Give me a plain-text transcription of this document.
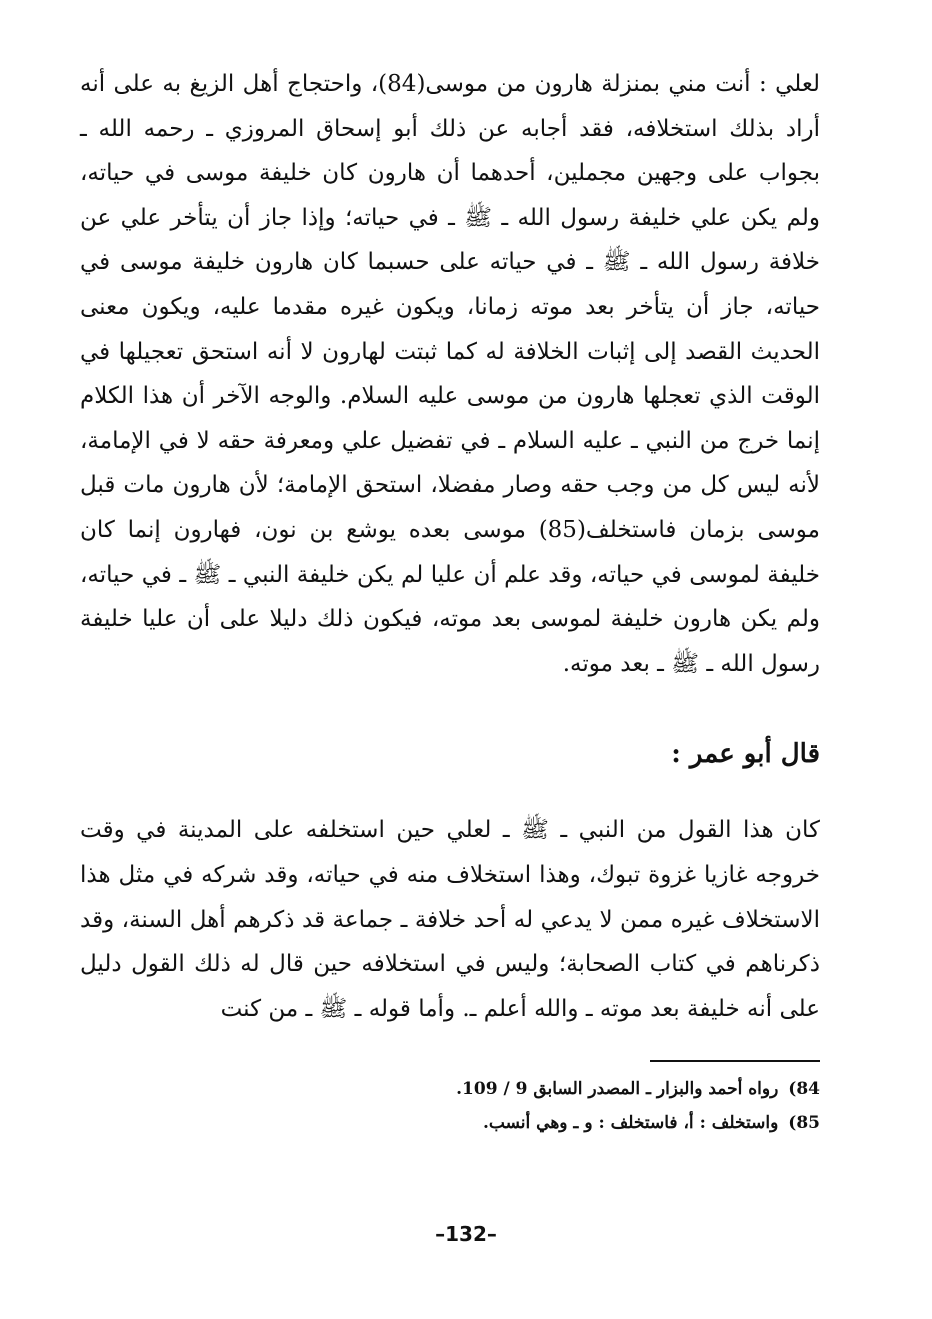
لعلي : أنت مني بمنزلة هارون من موسى(84)، واحتجاج أهل الزيغ به على أنه أراد بذلك استخلافه، فقد أجابه عن ذلك أبو إسحاق المروزي ـ رحمه الله ـ بجواب على وجهين مجملين، أحدهما أن هارون كان خليفة موسى في حياته، ولم يكن علي خليفة رسول الله ـ ﷺ ـ في حياته؛ وإذا جاز أن يتأخر علي عن خلافة رسول الله ـ ﷺ ـ في حياته على حسبما كان هارون خليفة موسى في حياته، جاز أن يتأخر بعد موته زمانا، ويكون غيره مقدما عليه، ويكون معنى الحديث القصد إلى إثبات الخلافة له كما ثبتت لهارون لا أنه استحق تعجيلها في الوقت الذي تعجلها هارون من موسى عليه السلام. والوجه الآخر أن هذا الكلام إنما خرج من النبي ـ عليه السلام ـ في تفضيل علي ومعرفة حقه لا في الإمامة، لأنه ليس كل من وجب حقه وصار مفضلا، استحق الإمامة؛ لأن هارون مات قبل موسى بزمان فاستخلف(85) موسى بعده يوشع بن نون، فهارون إنما كان خليفة لموسى في حياته، وقد علم أن عليا لم يكن خليفة النبي ـ ﷺ ـ في حياته، ولم يكن هارون خليفة لموسى بعد موته، فيكون ذلك دليلا على أن عليا خليفة رسول الله ـ ﷺ ـ بعد موته.

قال أبو عمر :

كان هذا القول من النبي ـ ﷺ ـ لعلي حين استخلفه على المدينة في وقت خروجه غازيا غزوة تبوك، وهذا استخلاف منه في حياته، وقد شركه في مثل هذا الاستخلاف غيره ممن لا يدعي له أحد خلافة ـ جماعة قد ذكرهم أهل السنة، وقد ذكرناهم في كتاب الصحابة؛ وليس في استخلافه حين قال له ذلك القول دليل على أنه خليفة بعد موته ـ والله أعلم ـ. وأما قوله ـ ﷺ ـ من كنت

84)رواه أحمد والبزار ـ المصدر السابق 9 / 109.

85)واستخلف : أ، فاستخلف : و ـ وهي أنسب.

–132–
